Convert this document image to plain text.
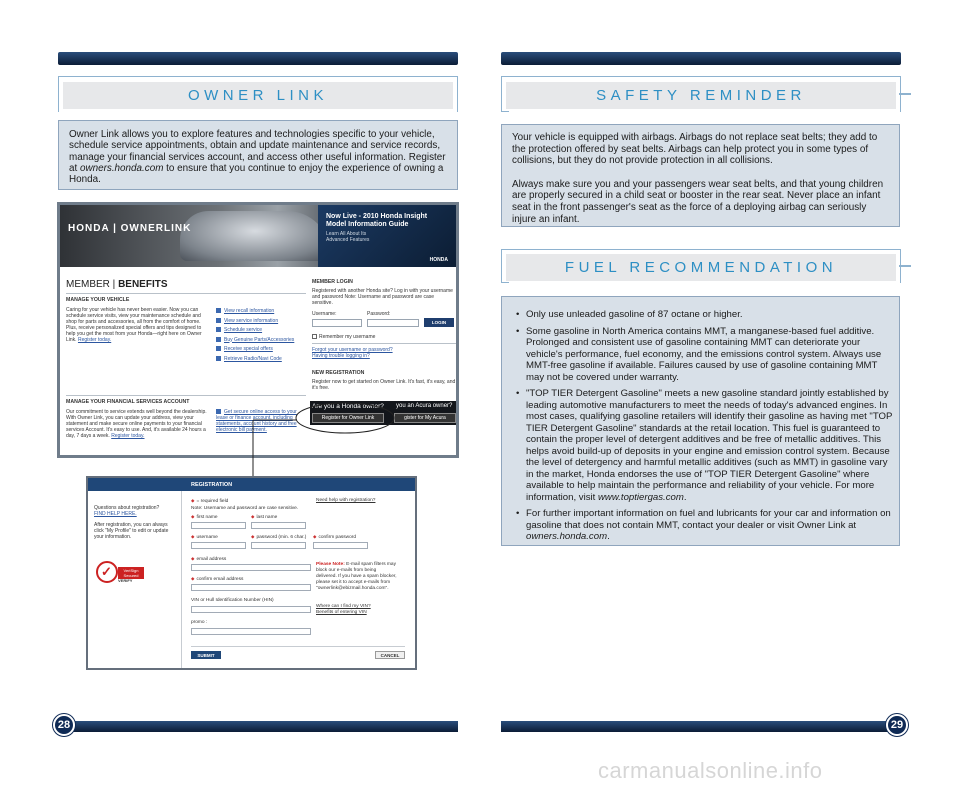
OWNER LINK

Owner Link allows you to explore features and technologies specific to your vehicle, schedule service appointments, obtain and update maintenance and service records, manage your financial services account, and access other useful information. Register at owners.honda.com to ensure that you continue to enjoy the experience of owning a Honda.

HONDA | OWNERLINK
Now Live - 2010 Honda Insight Model Information Guide
Learn All About Its Advanced Features
HONDA
MEMBER | BENEFITS
MANAGE YOUR VEHICLE
Caring for your vehicle has never been easier. Now you can schedule service visits, view your maintenance schedule and shop for parts and accessories, all from the comfort of home. Plus, receive personalized special offers and tips designed to help you get the most from your Honda—right here on Owner Link. Register today.
View recall information
View service information
Schedule service
Buy Genuine Parts/Accessories
Receive special offers
Retrieve Radio/Navi Code
MANAGE YOUR FINANCIAL SERVICES ACCOUNT
Our commitment to service extends well beyond the dealership. With Owner Link, you can update your address, view your statement and make secure online payments to your financial services Account. It's easy to use. And, it's available 24 hours a day, 7 days a week. Register today.
Get secure online access to your lease or finance account, including statements, account history and free electronic bill payment.
MEMBER LOGIN
Registered with another Honda site? Log in with your username and password Note: Username and password are case sensitive.
Username:	Password:
LOGIN
Remember my username
Forgot your username or password?
Having trouble logging in?
NEW REGISTRATION
Register now to get started on Owner Link. It's fast, it's easy, and it's free.
Are you a Honda owner? you an Acura owner?
Register for Owner Link	gister for My Acura
REGISTRATION
Questions about registration?
FIND HELP HERE.
After registration, you can always click "My Profile" to edit or update your information.
✓	VeriSign Secured
VERIFY
◆ = required field
Note: Username and password are case sensitive.
Need help with registration?
◆ first name	◆ last name
◆ username	◆ password (min. 6 char.) ◆ confirm password
◆ email address
◆ confirm email address
Please Note: E-mail spam filters may block our e-mails from being delivered. If you have a spam blocker, please set it to accept e-mails from "ownerlink@ebizmail.honda.com".
VIN or Hull Identification Number (HIN)
Where can I find my VIN?
Benefits of entering VIN
promo :
SUBMIT	CANCEL
28
SAFETY REMINDER

Your vehicle is equipped with airbags. Airbags do not replace seat belts; they add to the protection offered by seat belts. Airbags can help protect you in some types of collisions, but they do not provide protection in all collisions.

Always make sure you and your passengers wear seat belts, and that young children are properly secured in a child seat or booster in the rear seat. Never place an infant seat in the front passenger's seat as the force of a deploying airbag can seriously injure an infant.

FUEL RECOMMENDATION
• Only use unleaded gasoline of 87 octane or higher.
• Some gasoline in North America contains MMT, a manganese-based fuel additive. Prolonged and consistent use of gasoline containing MMT can deteriorate your vehicle's performance, fuel economy, and the emissions control system. Always use MMT-free gasoline if available. Failures caused by use of gasoline containing MMT may not be covered under warranty.
• "TOP TIER Detergent Gasoline" meets a new gasoline standard jointly established by leading automotive manufacturers to meet the needs of today's advanced engines. In most cases, qualifying gasoline retailers will identify their gasoline as having met "TOP TIER Detergent Gasoline" standards at the retail location. This fuel is guaranteed to contain the proper level of detergent additives and be free of metallic additives. This helps avoid build-up of deposits in your engine and emission control system. Because the level of detergency and harmful metallic additives (such as MMT) in gasoline vary in the market, Honda endorses the use of "TOP TIER Detergent Gasoline" where available to help maintain the performance and reliability of your vehicle. For more information, visit www.toptiergas.com.
• For further important information on fuel and lubricants for your car and information on gasoline that does not contain MMT, contact your dealer or visit Owner Link at owners.honda.com.
29
carmanualsonline.info
